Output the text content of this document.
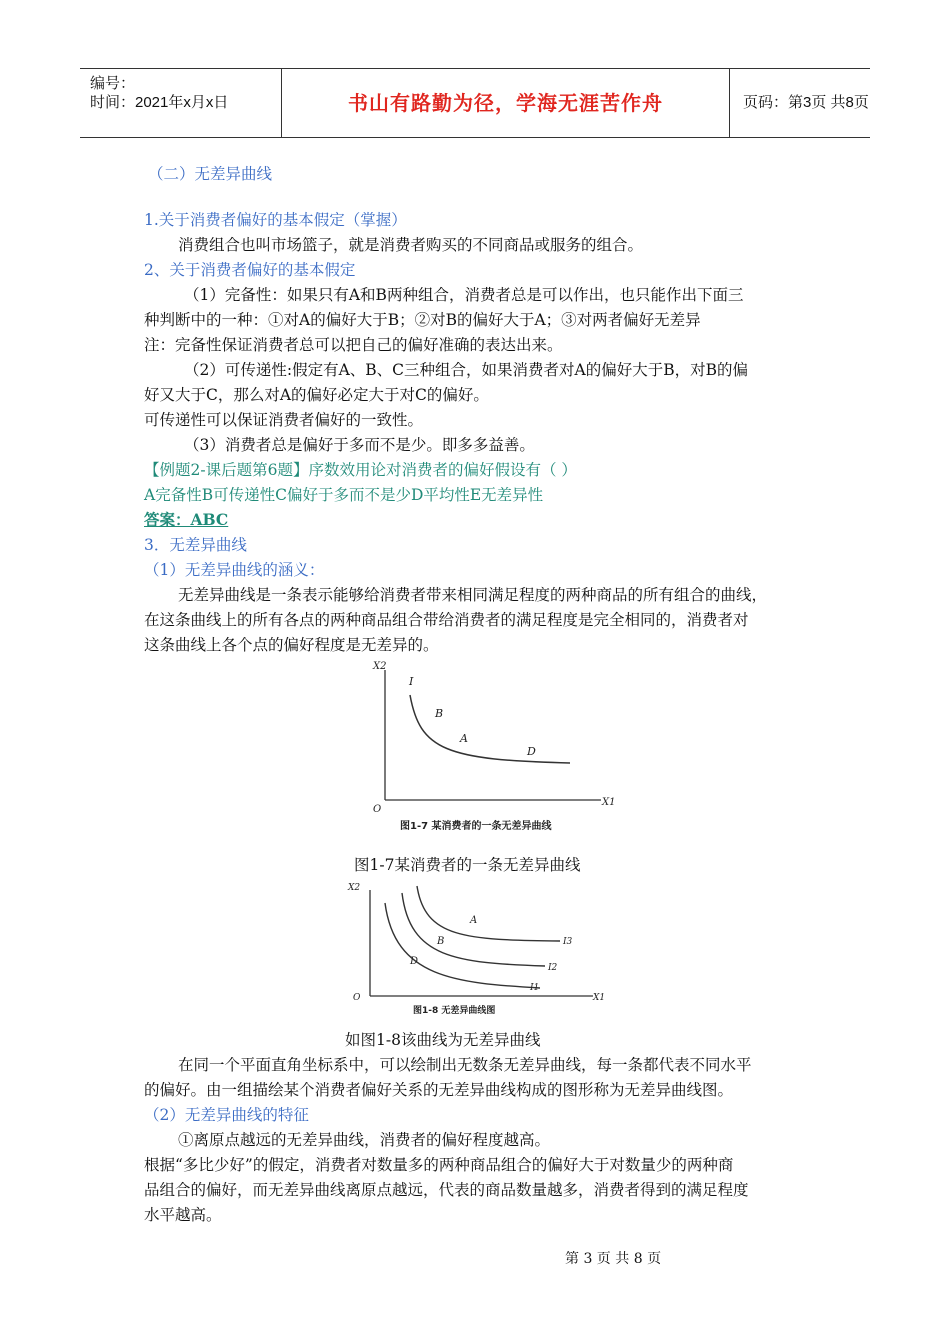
编号：
时间：2021年x月x日	书山有路勤为径，学海无涯苦作舟	页码：第3页 共8页
（二）无差异曲线
1.关于消费者偏好的基本假定（掌握）
消费组合也叫市场篮子，就是消费者购买的不同商品或服务的组合。
2、关于消费者偏好的基本假定
（1）完备性：如果只有A和B两种组合，消费者总是可以作出，也只能作出下面三
种判断中的一种：①对A的偏好大于B；②对B的偏好大于A；③对两者偏好无差异
注：完备性保证消费者总可以把自己的偏好准确的表达出来。
（2）可传递性:假定有A、B、C三种组合，如果消费者对A的偏好大于B，对B的偏
好又大于C，那么对A的偏好必定大于对C的偏好。
可传递性可以保证消费者偏好的一致性。
（3）消费者总是偏好于多而不是少。即多多益善。
【例题2-课后题第6题】序数效用论对消费者的偏好假设有（ ）
A完备性B可传递性C偏好于多而不是少D平均性E无差异性
答案：ABC
3．无差异曲线
（1）无差异曲线的涵义：
无差异曲线是一条表示能够给消费者带来相同满足程度的两种商品的所有组合的曲线，
在这条曲线上的所有各点的两种商品组合带给消费者的满足程度是完全相同的，消费者对
这条曲线上各个点的偏好程度是无差异的。
X2
X1
O
I
B
A
D
图1-7 某消费者的一条无差异曲线
图1-7某消费者的一条无差异曲线
X2
X1
O
I3
I2
I1
A
B
D
图1-8 无差异曲线图
如图1-8该曲线为无差异曲线
在同一个平面直角坐标系中，可以绘制出无数条无差异曲线，每一条都代表不同水平
的偏好。由一组描绘某个消费者偏好关系的无差异曲线构成的图形称为无差异曲线图。
（2）无差异曲线的特征
①离原点越远的无差异曲线，消费者的偏好程度越高。
根据“多比少好”的假定，消费者对数量多的两种商品组合的偏好大于对数量少的两种商
品组合的偏好，而无差异曲线离原点越远，代表的商品数量越多，消费者得到的满足程度
水平越高。
第 3 页 共 8 页
